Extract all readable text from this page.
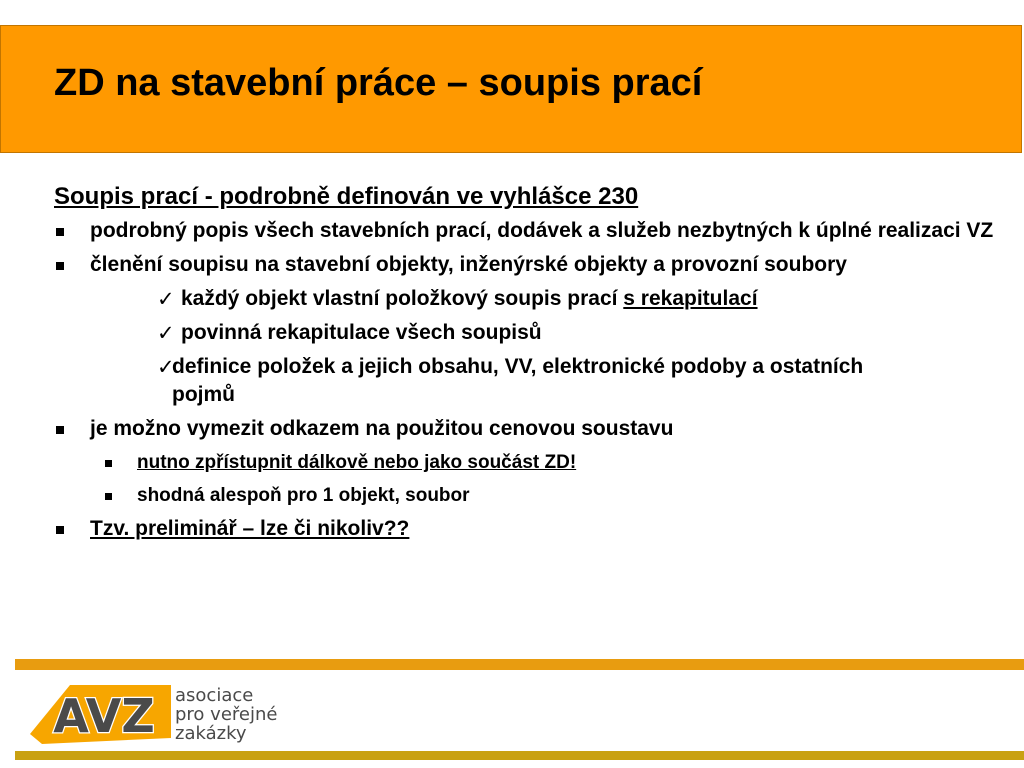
ZD na stavební práce – soupis prací
Soupis prací - podrobně definován ve vyhlášce 230
podrobný popis všech stavebních prací, dodávek a služeb nezbytných k úplné realizaci VZ
členění soupisu na stavební objekty, inženýrské objekty a provozní soubory
✓ každý objekt vlastní položkový soupis prací s rekapitulací
✓ povinná rekapitulace všech soupisů
✓
definice položek a jejich obsahu, VV, elektronické podoby a ostatních pojmů
je možno vymezit odkazem na použitou cenovou soustavu
nutno zpřístupnit dálkově nebo jako součást ZD!
shodná alespoň pro 1 objekt, soubor
Tzv. preliminář – lze či nikoliv??
AVZ asociace
pro veřejné
zakázky
